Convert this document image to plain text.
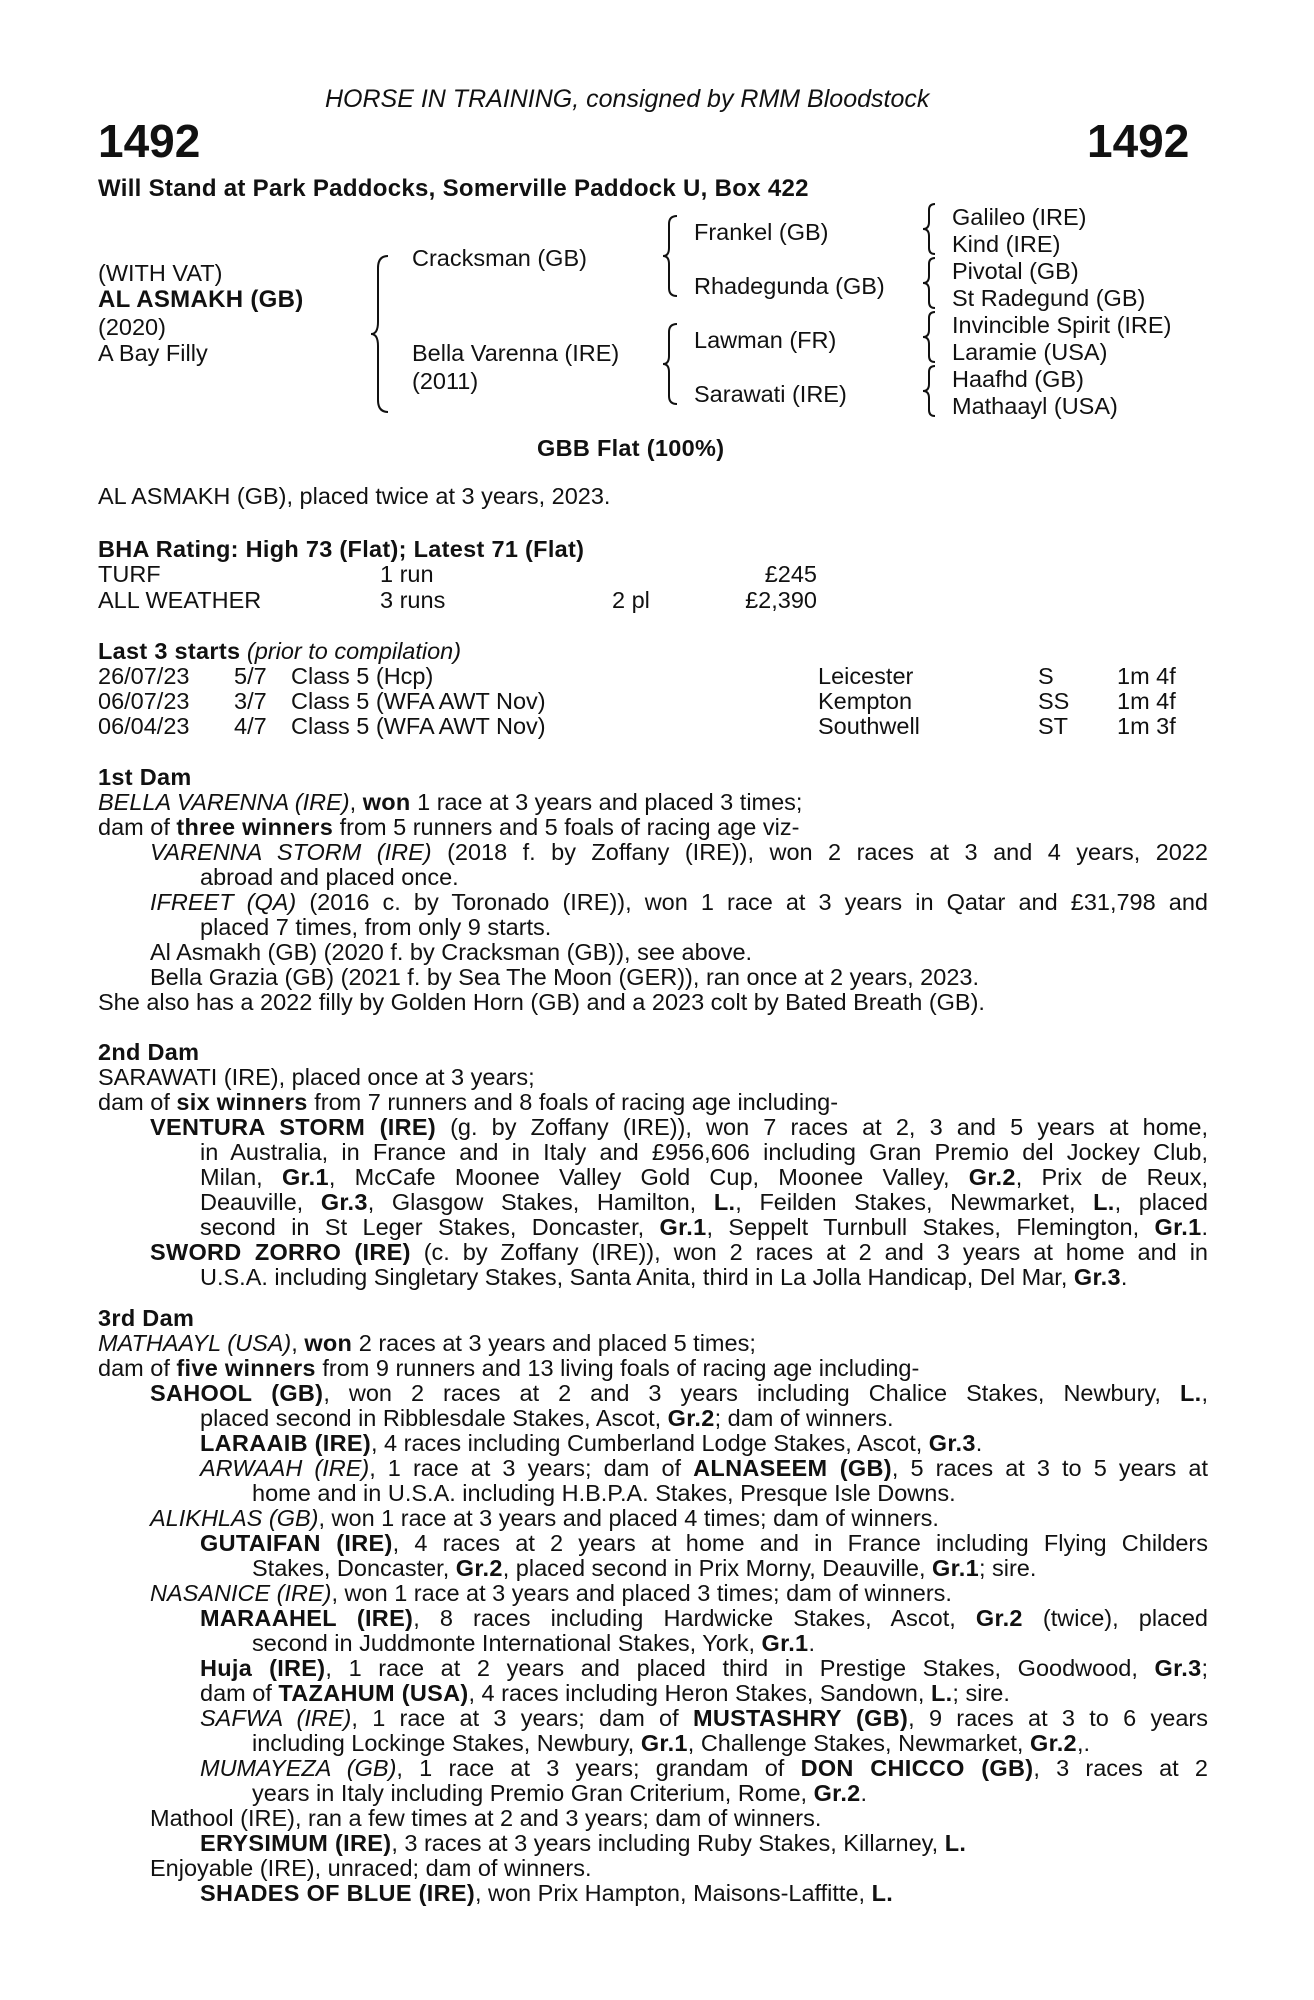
HORSE IN TRAINING, consigned by RMM Bloodstock
1492	1492
Will Stand at Park Paddocks, Somerville Paddock U, Box 422
(WITH VAT)
AL ASMAKH (GB)
(2020)
A Bay Filly
Cracksman (GB)
Bella Varenna (IRE)
(2011)
Frankel (GB)
Rhadegunda (GB)
Lawman (FR)
Sarawati (IRE)
Galileo (IRE)
Kind (IRE)
Pivotal (GB)
St Radegund (GB)
Invincible Spirit (IRE)
Laramie (USA)
Haafhd (GB)
Mathaayl (USA)
GBB Flat (100%)
AL ASMAKH (GB), placed twice at 3 years, 2023.
BHA Rating: High 73 (Flat); Latest 71 (Flat)
TURF	1 run	£245
ALL WEATHER	3 runs	2 pl	£2,390
Last 3 starts (prior to compilation)
26/07/23 5/7 Class 5 (Hcp)	Leicester	S	1m 4f
06/07/23 3/7 Class 5 (WFA AWT Nov)	Kempton	SS 1m 4f
06/04/23 4/7 Class 5 (WFA AWT Nov)	Southwell	ST 1m 3f
1st Dam
BELLA VARENNA (IRE), won 1 race at 3 years and placed 3 times;
dam of three winners from 5 runners and 5 foals of racing age viz-
VARENNA STORM (IRE) (2018 f. by Zoffany (IRE)), won 2 races at 3 and 4 years, 2022
abroad and placed once.
IFREET (QA) (2016 c. by Toronado (IRE)), won 1 race at 3 years in Qatar and £31,798 and
placed 7 times, from only 9 starts.
Al Asmakh (GB) (2020 f. by Cracksman (GB)), see above.
Bella Grazia (GB) (2021 f. by Sea The Moon (GER)), ran once at 2 years, 2023.
She also has a 2022 filly by Golden Horn (GB) and a 2023 colt by Bated Breath (GB).
2nd Dam
SARAWATI (IRE), placed once at 3 years;
dam of six winners from 7 runners and 8 foals of racing age including-
VENTURA STORM (IRE) (g. by Zoffany (IRE)), won 7 races at 2, 3 and 5 years at home,
in Australia, in France and in Italy and £956,606 including Gran Premio del Jockey Club,
Milan, Gr.1, McCafe Moonee Valley Gold Cup, Moonee Valley, Gr.2, Prix de Reux,
Deauville, Gr.3, Glasgow Stakes, Hamilton, L., Feilden Stakes, Newmarket, L., placed
second in St Leger Stakes, Doncaster, Gr.1, Seppelt Turnbull Stakes, Flemington, Gr.1.
SWORD ZORRO (IRE) (c. by Zoffany (IRE)), won 2 races at 2 and 3 years at home and in
U.S.A. including Singletary Stakes, Santa Anita, third in La Jolla Handicap, Del Mar, Gr.3.
3rd Dam
MATHAAYL (USA), won 2 races at 3 years and placed 5 times;
dam of five winners from 9 runners and 13 living foals of racing age including-
SAHOOL (GB), won 2 races at 2 and 3 years including Chalice Stakes, Newbury, L.,
placed second in Ribblesdale Stakes, Ascot, Gr.2; dam of winners.
LARAAIB (IRE), 4 races including Cumberland Lodge Stakes, Ascot, Gr.3.
ARWAAH (IRE), 1 race at 3 years; dam of ALNASEEM (GB), 5 races at 3 to 5 years at
home and in U.S.A. including H.B.P.A. Stakes, Presque Isle Downs.
ALIKHLAS (GB), won 1 race at 3 years and placed 4 times; dam of winners.
GUTAIFAN (IRE), 4 races at 2 years at home and in France including Flying Childers
Stakes, Doncaster, Gr.2, placed second in Prix Morny, Deauville, Gr.1; sire.
NASANICE (IRE), won 1 race at 3 years and placed 3 times; dam of winners.
MARAAHEL (IRE), 8 races including Hardwicke Stakes, Ascot, Gr.2 (twice), placed
second in Juddmonte International Stakes, York, Gr.1.
Huja (IRE), 1 race at 2 years and placed third in Prestige Stakes, Goodwood, Gr.3;
dam of TAZAHUM (USA), 4 races including Heron Stakes, Sandown, L.; sire.
SAFWA (IRE), 1 race at 3 years; dam of MUSTASHRY (GB), 9 races at 3 to 6 years
including Lockinge Stakes, Newbury, Gr.1, Challenge Stakes, Newmarket, Gr.2,.
MUMAYEZA (GB), 1 race at 3 years; grandam of DON CHICCO (GB), 3 races at 2
years in Italy including Premio Gran Criterium, Rome, Gr.2.
Mathool (IRE), ran a few times at 2 and 3 years; dam of winners.
ERYSIMUM (IRE), 3 races at 3 years including Ruby Stakes, Killarney, L.
Enjoyable (IRE), unraced; dam of winners.
SHADES OF BLUE (IRE), won Prix Hampton, Maisons-Laffitte, L.
